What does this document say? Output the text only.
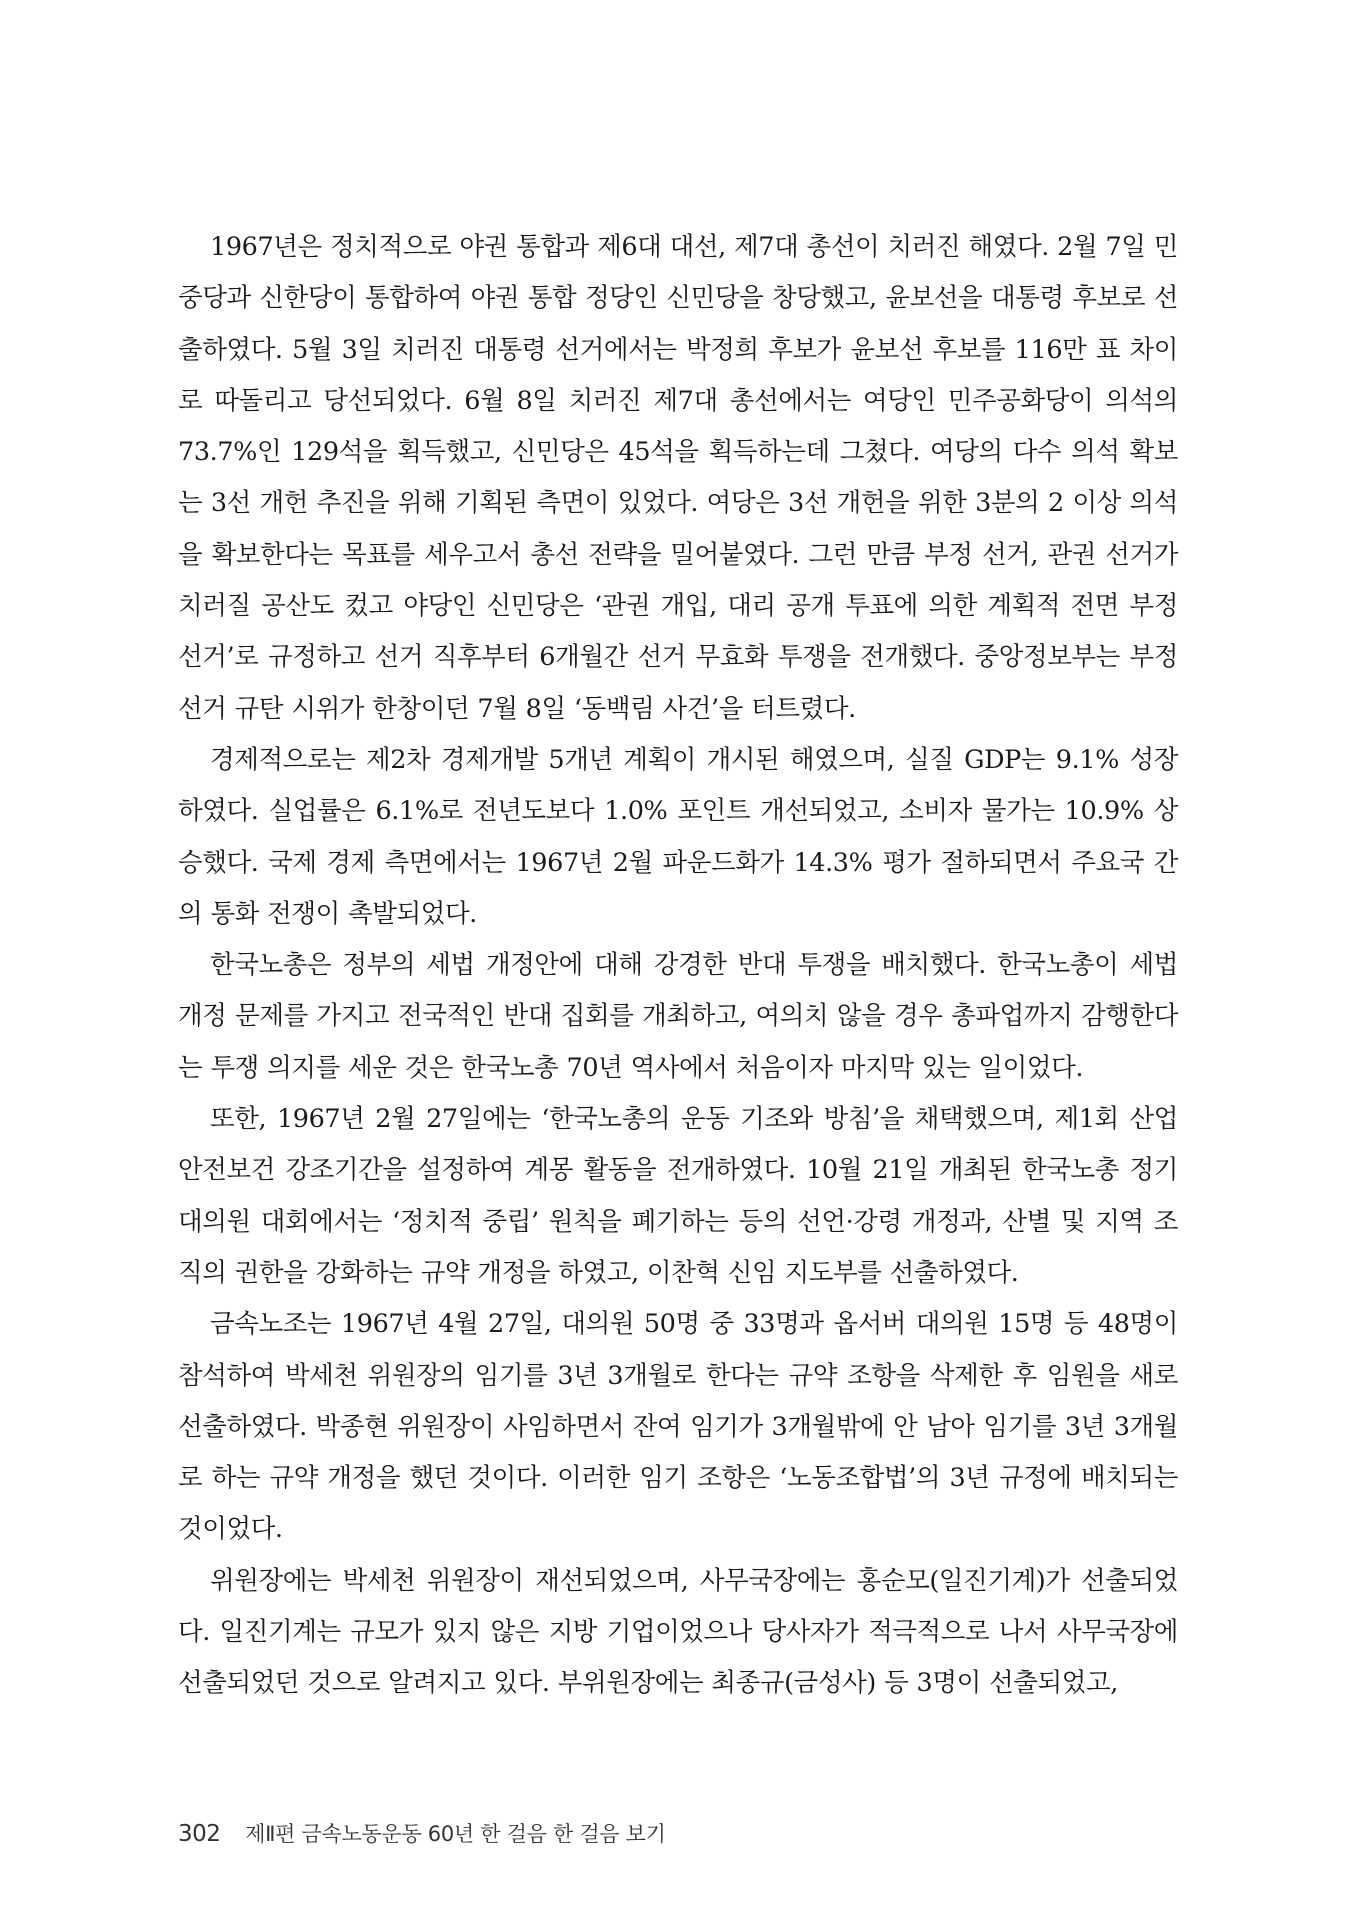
1967년은 정치적으로 야권 통합과 제6대 대선, 제7대 총선이 치러진 해였다. 2월 7일 민중당과 신한당이 통합하여 야권 통합 정당인 신민당을 창당했고, 윤보선을 대통령 후보로 선출하였다. 5월 3일 치러진 대통령 선거에서는 박정희 후보가 윤보선 후보를 116만 표 차이로 따돌리고 당선되었다. 6월 8일 치러진 제7대 총선에서는 여당인 민주공화당이 의석의 73.7%인 129석을 획득했고, 신민당은 45석을 획득하는데 그쳤다. 여당의 다수 의석 확보는 3선 개헌 추진을 위해 기획된 측면이 있었다. 여당은 3선 개헌을 위한 3분의 2 이상 의석을 확보한다는 목표를 세우고서 총선 전략을 밀어붙였다. 그런 만큼 부정 선거, 관권 선거가 치러질 공산도 컸고 야당인 신민당은 ‘관권 개입, 대리 공개 투표에 의한 계획적 전면 부정 선거’로 규정하고 선거 직후부터 6개월간 선거 무효화 투쟁을 전개했다. 중앙정보부는 부정 선거 규탄 시위가 한창이던 7월 8일 ‘동백림 사건’을 터트렸다.

경제적으로는 제2차 경제개발 5개년 계획이 개시된 해였으며, 실질 GDP는 9.1% 성장하였다. 실업률은 6.1%로 전년도보다 1.0% 포인트 개선되었고, 소비자 물가는 10.9% 상승했다. 국제 경제 측면에서는 1967년 2월 파운드화가 14.3% 평가 절하되면서 주요국 간의 통화 전쟁이 촉발되었다.

한국노총은 정부의 세법 개정안에 대해 강경한 반대 투쟁을 배치했다. 한국노총이 세법 개정 문제를 가지고 전국적인 반대 집회를 개최하고, 여의치 않을 경우 총파업까지 감행한다는 투쟁 의지를 세운 것은 한국노총 70년 역사에서 처음이자 마지막 있는 일이었다.

또한, 1967년 2월 27일에는 ‘한국노총의 운동 기조와 방침’을 채택했으며, 제1회 산업 안전보건 강조기간을 설정하여 계몽 활동을 전개하였다. 10월 21일 개최된 한국노총 정기 대의원 대회에서는 ‘정치적 중립’ 원칙을 폐기하는 등의 선언·강령 개정과, 산별 및 지역 조직의 권한을 강화하는 규약 개정을 하였고, 이찬혁 신임 지도부를 선출하였다.

금속노조는 1967년 4월 27일, 대의원 50명 중 33명과 옵서버 대의원 15명 등 48명이 참석하여 박세천 위원장의 임기를 3년 3개월로 한다는 규약 조항을 삭제한 후 임원을 새로 선출하였다. 박종현 위원장이 사임하면서 잔여 임기가 3개월밖에 안 남아 임기를 3년 3개월로 하는 규약 개정을 했던 것이다. 이러한 임기 조항은 ‘노동조합법’의 3년 규정에 배치되는 것이었다.

위원장에는 박세천 위원장이 재선되었으며, 사무국장에는 홍순모(일진기계)가 선출되었다. 일진기계는 규모가 있지 않은 지방 기업이었으나 당사자가 적극적으로 나서 사무국장에 선출되었던 것으로 알려지고 있다. 부위원장에는 최종규(금성사) 등 3명이 선출되었고,

302 제Ⅱ편 금속노동운동 60년 한 걸음 한 걸음 보기
